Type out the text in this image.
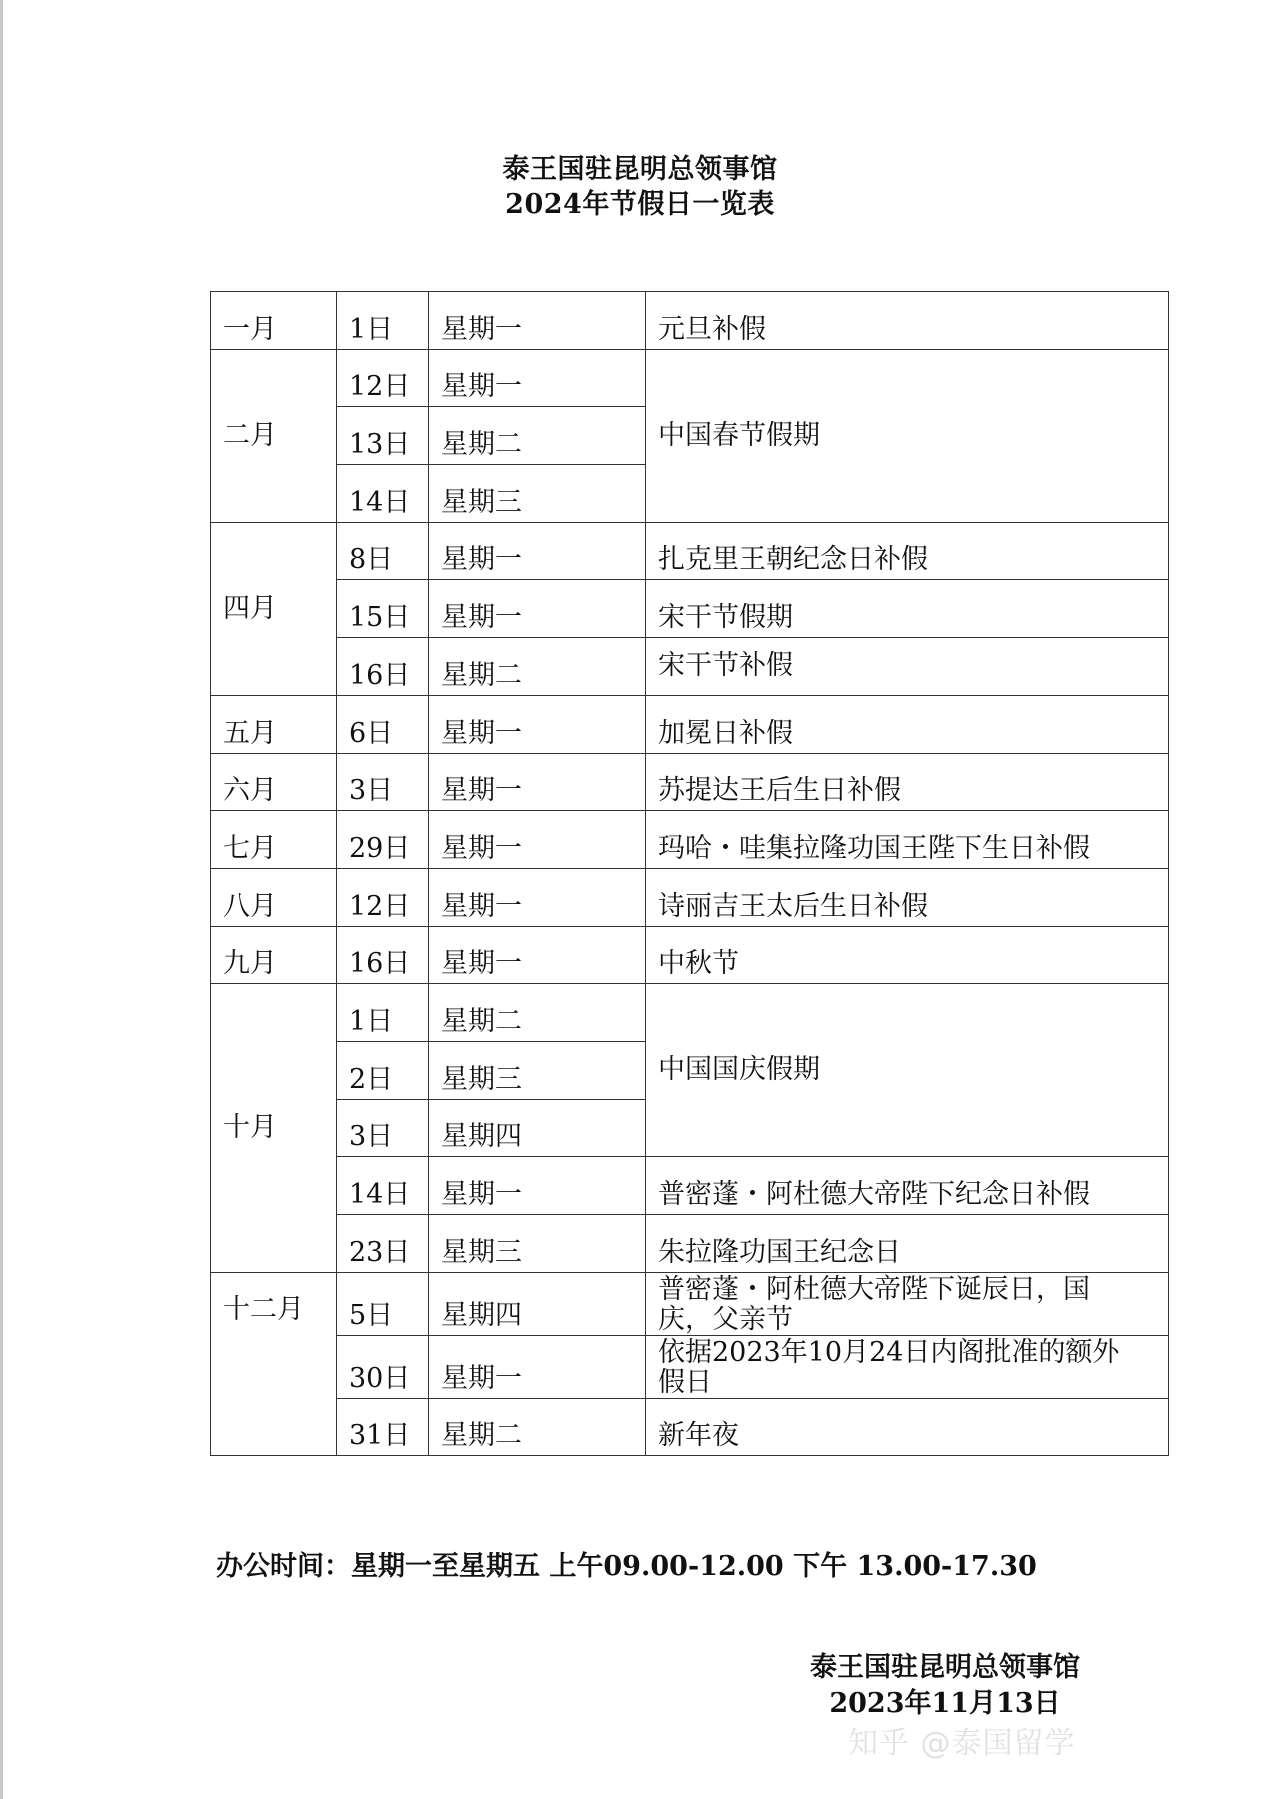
泰王国驻昆明总领事馆
2024年节假日一览表
一月	1日	星期一	元旦补假
二月	12日	星期一	中国春节假期
	13日	星期二	
	14日	星期三	
四月	8日	星期一	扎克里王朝纪念日补假
	15日	星期一	宋干节假期
	16日	星期二	宋干节补假
五月	6日	星期一	加冕日补假
六月	3日	星期一	苏提达王后生日补假
七月	29日	星期一	玛哈・哇集拉隆功国王陛下生日补假
八月	12日	星期一	诗丽吉王太后生日补假
九月	16日	星期一	中秋节
十月	1日	星期二	中国国庆假期
	2日	星期三	
	3日	星期四	
	14日	星期一	普密蓬・阿杜德大帝陛下纪念日补假
	23日	星期三	朱拉隆功国王纪念日
十二月	5日	星期四	普密蓬・阿杜德大帝陛下诞辰日，国
庆，父亲节

	30日	星期一	依据2023年10月24日内阁批准的额外
假日

	31日	星期二	新年夜
办公时间：星期一至星期五 上午09.00-12.00 下午 13.00-17.30
泰王国驻昆明总领事馆
2023年11月13日
知乎 @泰国留学
